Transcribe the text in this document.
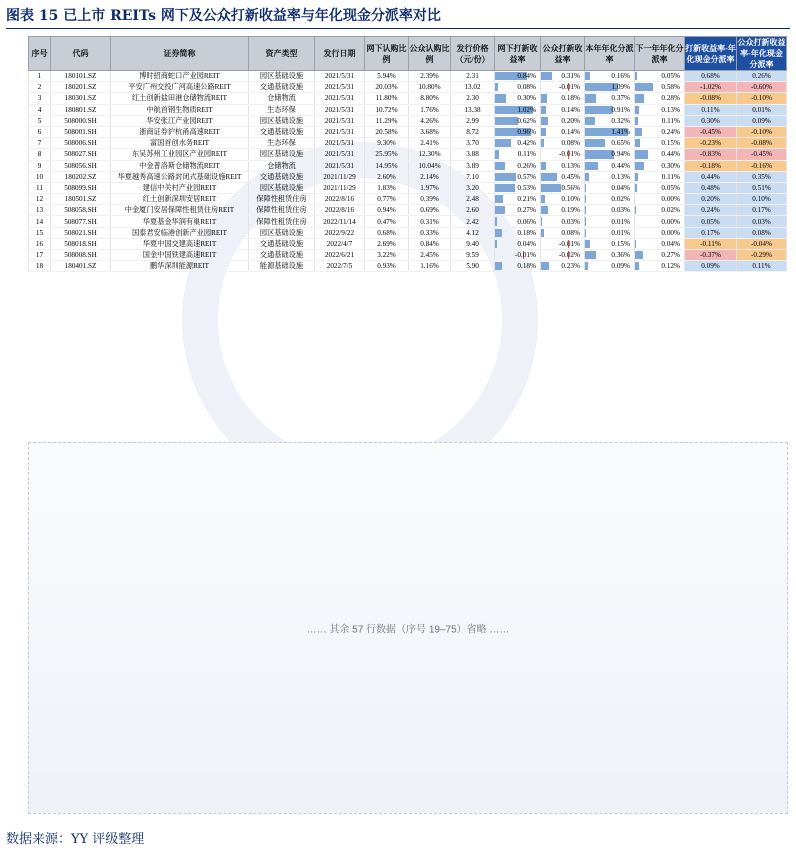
图表 15 已上市 REITs 网下及公众打新收益率与年化现金分派率对比
序号	代码	证券简称	资产类型	发行日期	网下认购比例	公众认购比例	发行价格（元/份）	网下打新收益率	公众打新收益率	本年年化分派率	下一年年化分派率	打新收益率-年化现金分派率	公众打新收益率-年化现金分派率
1	180101.SZ	博时招商蛇口产业园REIT	园区基础设施	2021/5/31	5.94%	2.39%	2.31	0.84%	0.31%	0.16%	0.05%	0.68%	0.26%
2	180201.SZ	平安广州交投广河高速公路REIT	交通基础设施	2021/5/31	20.03%	10.80%	13.02	0.08%	-0.01%	1.09%	0.58%	-1.02%	-0.60%
3	180301.SZ	红土创新盐田港仓储物流REIT	仓储物流	2021/5/31	11.80%	8.80%	2.30	0.30%	0.18%	0.37%	0.28%	-0.08%	-0.10%
4	180801.SZ	中航首钢生物质REIT	生态环保	2021/5/31	10.72%	1.76%	13.38	1.02%	0.14%	0.91%	0.13%	0.11%	0.01%
5	508000.SH	华安张江产业园REIT	园区基础设施	2021/5/31	11.29%	4.26%	2.99	0.62%	0.20%	0.32%	0.11%	0.30%	0.09%
6	508001.SH	浙商证券沪杭甬高速REIT	交通基础设施	2021/5/31	20.58%	3.68%	8.72	0.96%	0.14%	1.41%	0.24%	-0.45%	-0.10%
7	508006.SH	富国首创水务REIT	生态环保	2021/5/31	9.30%	2.41%	3.70	0.42%	0.08%	0.65%	0.15%	-0.23%	-0.08%
8	508027.SH	东吴苏州工业园区产业园REIT	园区基础设施	2021/5/31	25.95%	12.30%	3.88	0.11%	-0.01%	0.94%	0.44%	-0.83%	-0.45%
9	508056.SH	中金普洛斯仓储物流REIT	仓储物流	2021/5/31	14.95%	10.04%	3.89	0.26%	0.13%	0.44%	0.30%	-0.18%	-0.16%
10	180202.SZ	华夏越秀高速公路封闭式基础设施REIT	交通基础设施	2021/11/29	2.60%	2.14%	7.10	0.57%	0.45%	0.13%	0.11%	0.44%	0.35%
11	508099.SH	建信中关村产业园REIT	园区基础设施	2021/11/29	1.83%	1.97%	3.20	0.53%	0.56%	0.04%	0.05%	0.48%	0.51%
12	180501.SZ	红土创新深圳安居REIT	保障性租赁住房	2022/8/16	0.77%	0.39%	2.48	0.21%	0.10%	0.02%	0.00%	0.20%	0.10%
13	508058.SH	中金厦门安居保障性租赁住房REIT	保障性租赁住房	2022/8/16	0.94%	0.69%	2.60	0.27%	0.19%	0.03%	0.02%	0.24%	0.17%
14	508077.SH	华夏基金华润有巢REIT	保障性租赁住房	2022/11/14	0.47%	0.31%	2.42	0.06%	0.03%	0.01%	0.00%	0.05%	0.03%
15	508021.SH	国泰君安临港创新产业园REIT	园区基础设施	2022/9/22	0.68%	0.33%	4.12	0.18%	0.08%	0.01%	0.00%	0.17%	0.08%
16	508018.SH	华夏中国交建高速REIT	交通基础设施	2022/4/7	2.69%	0.84%	9.40	0.04%	-0.01%	0.15%	0.04%	-0.11%	-0.04%
17	508008.SH	国金中国铁建高速REIT	交通基础设施	2022/6/21	3.22%	2.45%	9.59	-0.01%	-0.02%	0.36%	0.27%	-0.37%	-0.29%
18	180401.SZ	鹏华深圳能源REIT	能源基础设施	2022/7/5	0.93%	1.16%	5.90	0.18%	0.23%	0.09%	0.12%	0.09%	0.11%
…… 其余 57 行数据（序号 19–75）省略 ……
数据来源：YY 评级整理
